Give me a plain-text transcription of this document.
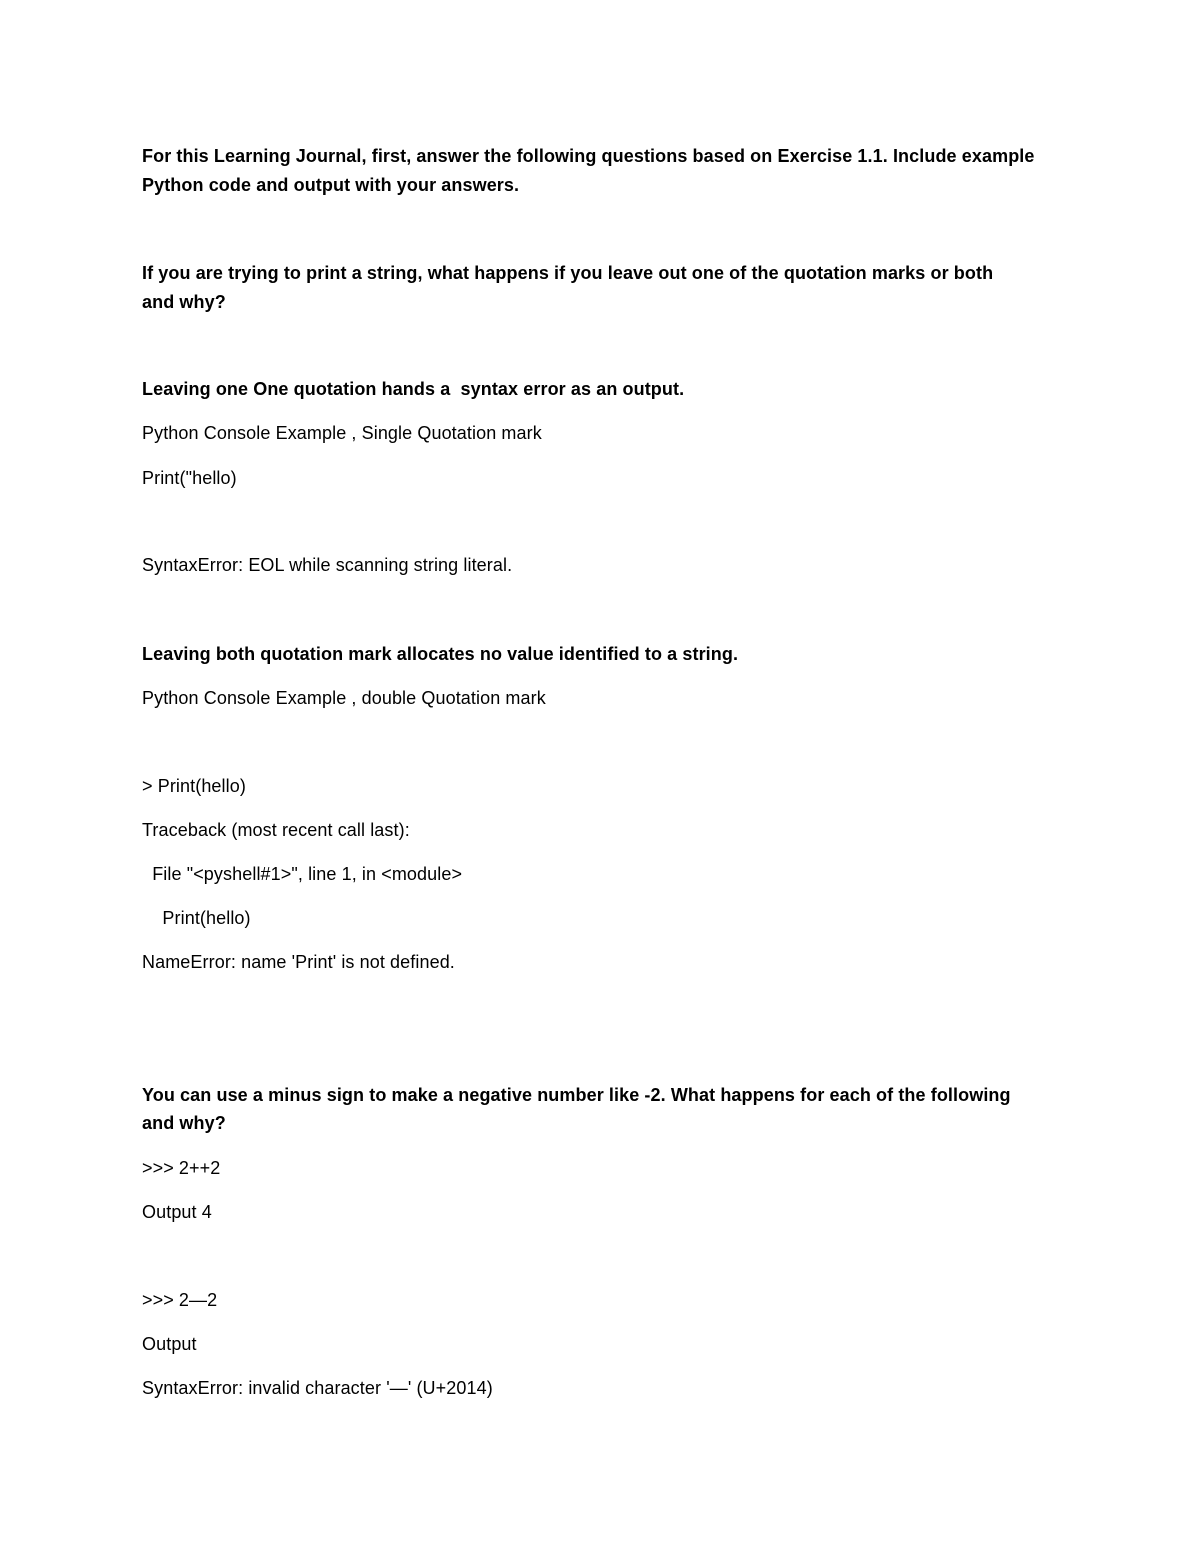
For this Learning Journal, first, answer the following questions based on Exercise 1.1. Include example
Python code and output with your answers.
If you are trying to print a string, what happens if you leave out one of the quotation marks or both
and why?
Leaving one One quotation hands a  syntax error as an output.
Python Console Example , Single Quotation mark
Print("hello)
SyntaxError: EOL while scanning string literal.
Leaving both quotation mark allocates no value identified to a string.
Python Console Example , double Quotation mark
> Print(hello)
Traceback (most recent call last):
File "<pyshell#1>", line 1, in <module>
Print(hello)
NameError: name 'Print' is not defined.
You can use a minus sign to make a negative number like -2. What happens for each of the following
and why?
>>> 2++2
Output 4
>>> 2—2
Output
SyntaxError: invalid character '—' (U+2014)
